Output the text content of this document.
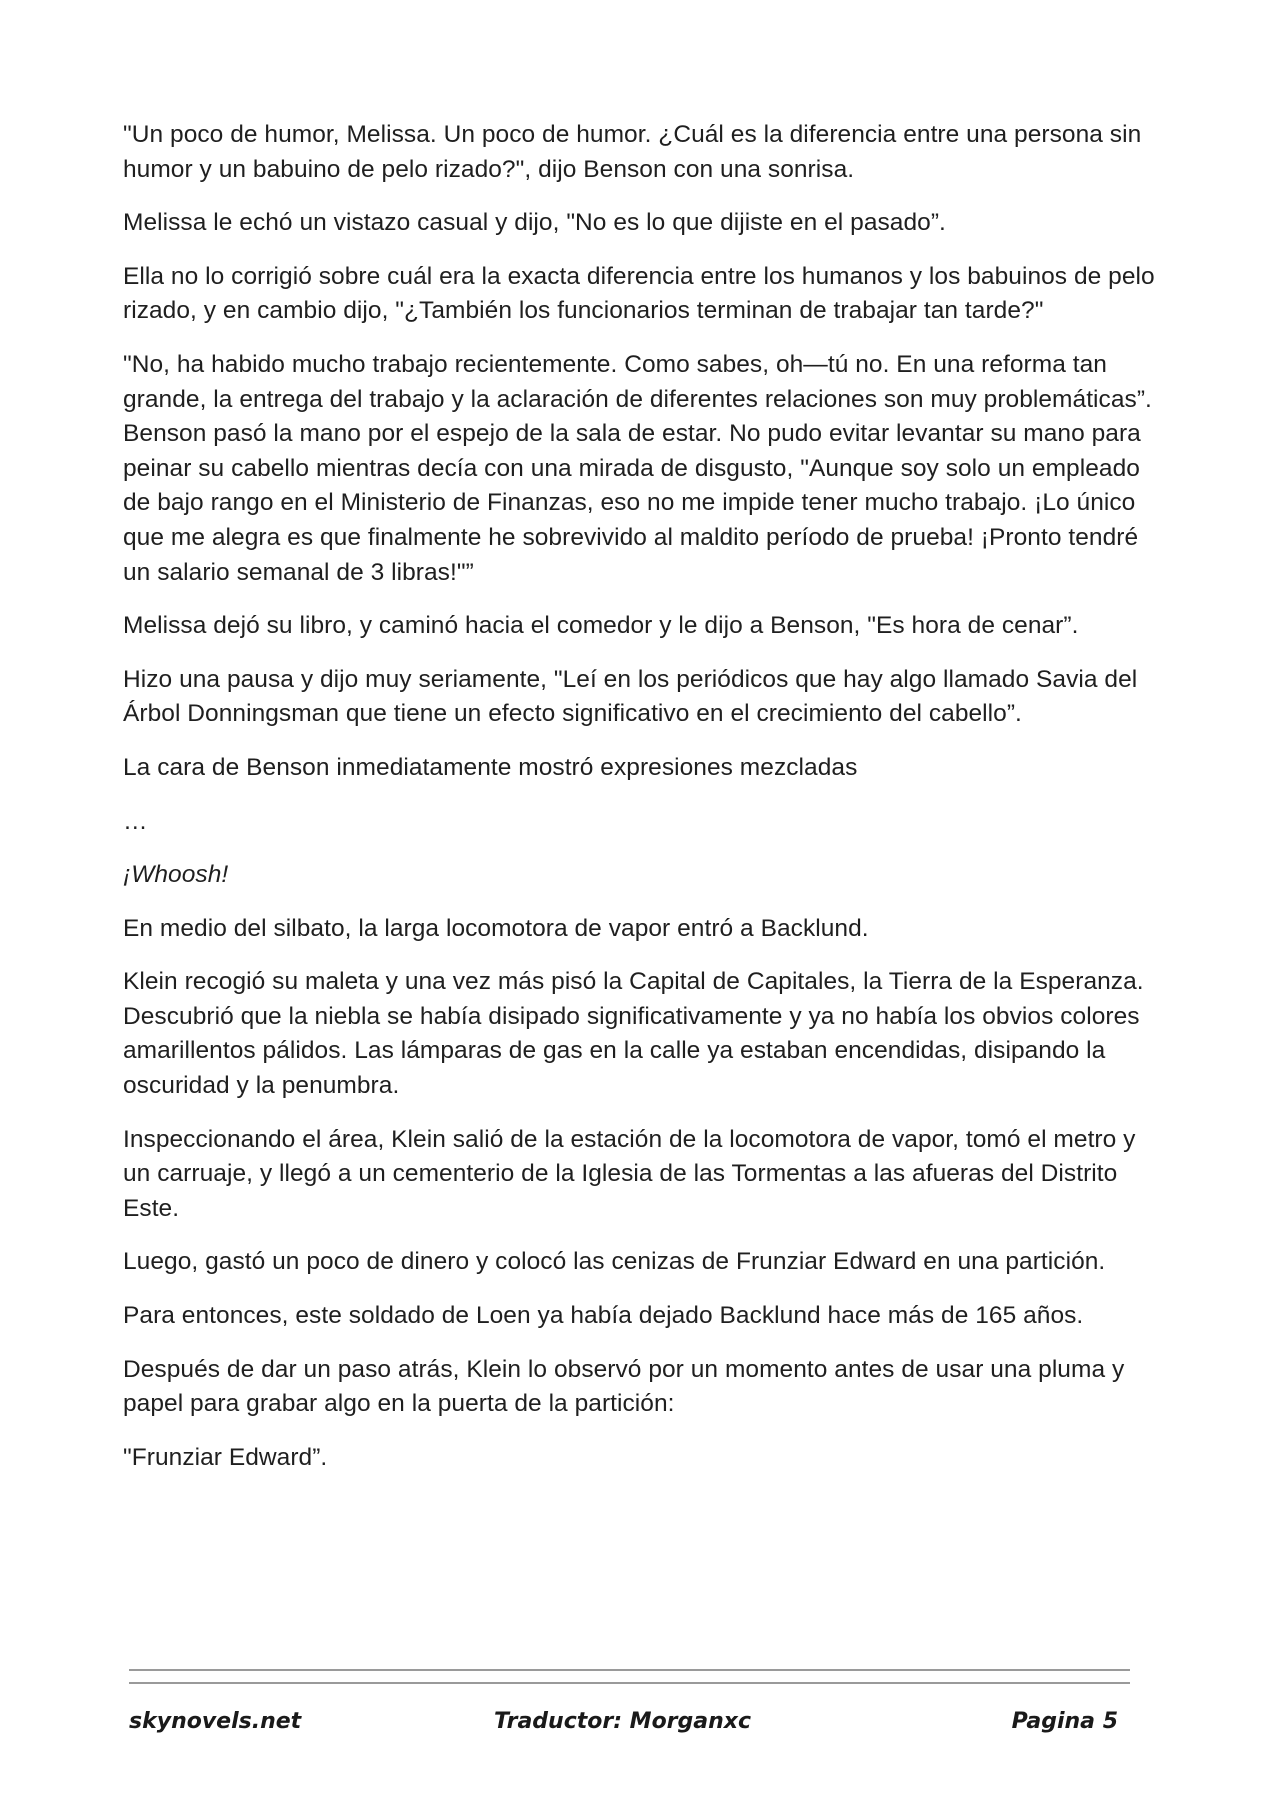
"Un poco de humor, Melissa. Un poco de humor. ¿Cuál es la diferencia entre una persona sin humor y un babuino de pelo rizado?", dijo Benson con una sonrisa.

Melissa le echó un vistazo casual y dijo, "No es lo que dijiste en el pasado”.

Ella no lo corrigió sobre cuál era la exacta diferencia entre los humanos y los babuinos de pelo rizado, y en cambio dijo, "¿También los funcionarios terminan de trabajar tan tarde?"

"No, ha habido mucho trabajo recientemente. Como sabes, oh—tú no. En una reforma tan grande, la entrega del trabajo y la aclaración de diferentes relaciones son muy problemáticas”. Benson pasó la mano por el espejo de la sala de estar. No pudo evitar levantar su mano para peinar su cabello mientras decía con una mirada de disgusto, "Aunque soy solo un empleado de bajo rango en el Ministerio de Finanzas, eso no me impide tener mucho trabajo. ¡Lo único que me alegra es que finalmente he sobrevivido al maldito período de prueba! ¡Pronto tendré un salario semanal de 3 libras!"”

Melissa dejó su libro, y caminó hacia el comedor y le dijo a Benson, "Es hora de cenar”.

Hizo una pausa y dijo muy seriamente, "Leí en los periódicos que hay algo llamado Savia del Árbol Donningsman que tiene un efecto significativo en el crecimiento del cabello”.

La cara de Benson inmediatamente mostró expresiones mezcladas

…

¡Whoosh!

En medio del silbato, la larga locomotora de vapor entró a Backlund.

Klein recogió su maleta y una vez más pisó la Capital de Capitales, la Tierra de la Esperanza. Descubrió que la niebla se había disipado significativamente y ya no había los obvios colores amarillentos pálidos. Las lámparas de gas en la calle ya estaban encendidas, disipando la oscuridad y la penumbra.

Inspeccionando el área, Klein salió de la estación de la locomotora de vapor, tomó el metro y un carruaje, y llegó a un cementerio de la Iglesia de las Tormentas a las afueras del Distrito Este.

Luego, gastó un poco de dinero y colocó las cenizas de Frunziar Edward en una partición.

Para entonces, este soldado de Loen ya había dejado Backlund hace más de 165 años.

Después de dar un paso atrás, Klein lo observó por un momento antes de usar una pluma y papel para grabar algo en la puerta de la partición:

"Frunziar Edward”.

skynovels.net	Traductor: Morganxc	Pagina 5
